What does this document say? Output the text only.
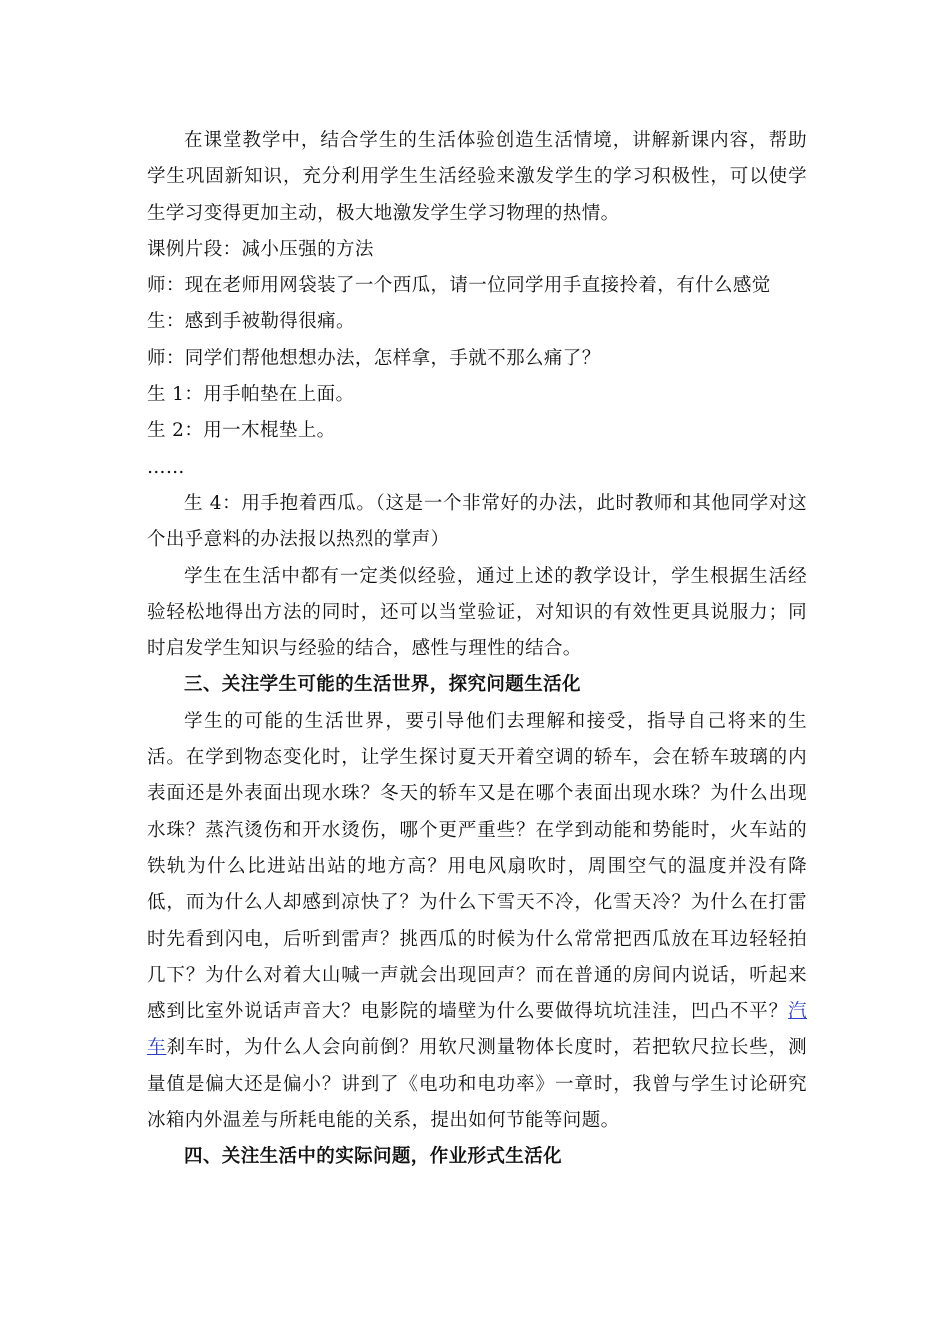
在课堂教学中，结合学生的生活体验创造生活情境，讲解新课内容，帮助学生巩固新知识，充分利用学生生活经验来激发学生的学习积极性，可以使学生学习变得更加主动，极大地激发学生学习物理的热情。

课例片段：减小压强的方法

师：现在老师用网袋装了一个西瓜，请一位同学用手直接拎着，有什么感觉

生：感到手被勒得很痛。

师：同学们帮他想想办法，怎样拿，手就不那么痛了？

生 1：用手帕垫在上面。

生 2：用一木棍垫上。

……

生 4：用手抱着西瓜。（这是一个非常好的办法，此时教师和其他同学对这个出乎意料的办法报以热烈的掌声）

学生在生活中都有一定类似经验，通过上述的教学设计，学生根据生活经验轻松地得出方法的同时，还可以当堂验证，对知识的有效性更具说服力；同时启发学生知识与经验的结合，感性与理性的结合。

三、关注学生可能的生活世界，探究问题生活化

学生的可能的生活世界，要引导他们去理解和接受，指导自己将来的生活。在学到物态变化时，让学生探讨夏天开着空调的轿车，会在轿车玻璃的内表面还是外表面出现水珠？冬天的轿车又是在哪个表面出现水珠？为什么出现水珠？蒸汽烫伤和开水烫伤，哪个更严重些？在学到动能和势能时，火车站的铁轨为什么比进站出站的地方高？用电风扇吹时，周围空气的温度并没有降低，而为什么人却感到凉快了？为什么下雪天不冷，化雪天冷？为什么在打雷时先看到闪电，后听到雷声？挑西瓜的时候为什么常常把西瓜放在耳边轻轻拍几下？为什么对着大山喊一声就会出现回声？而在普通的房间内说话，听起来感到比室外说话声音大？电影院的墙壁为什么要做得坑坑洼洼，凹凸不平？汽车刹车时，为什么人会向前倒？用软尺测量物体长度时，若把软尺拉长些，测量值是偏大还是偏小？讲到了《电功和电功率》一章时，我曾与学生讨论研究冰箱内外温差与所耗电能的关系，提出如何节能等问题。

四、关注生活中的实际问题，作业形式生活化
